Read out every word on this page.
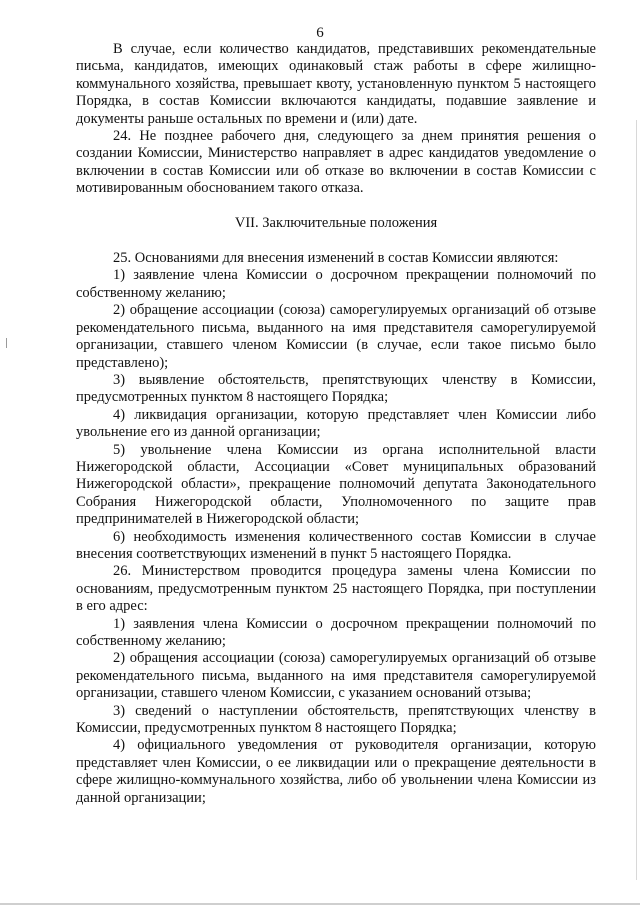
6

В случае, если количество кандидатов, представивших рекомендательные письма, кандидатов, имеющих одинаковый стаж работы в сфере жилищно-коммунального хозяйства, превышает квоту, установленную пунктом 5 настоящего Порядка, в состав Комиссии включаются кандидаты, подавшие заявление и документы раньше остальных по времени и (или) дате.

24. Не позднее рабочего дня, следующего за днем принятия решения о создании Комиссии, Министерство направляет в адрес кандидатов уведомление о включении в состав Комиссии или об отказе во включении в состав Комиссии с мотивированным обоснованием такого отказа.

VII. Заключительные положения

25. Основаниями для внесения изменений в состав Комиссии являются:

1) заявление члена Комиссии о досрочном прекращении полномочий по собственному желанию;

2) обращение ассоциации (союза) саморегулируемых организаций об отзыве рекомендательного письма, выданного на имя представителя саморегулируемой организации, ставшего членом Комиссии (в случае, если такое письмо было представлено);

3) выявление обстоятельств, препятствующих членству в Комиссии, предусмотренных пунктом 8 настоящего Порядка;

4) ликвидация организации, которую представляет член Комиссии либо увольнение его из данной организации;

5) увольнение члена Комиссии из органа исполнительной власти Нижегородской области, Ассоциации «Совет муниципальных образований Нижегородской области», прекращение полномочий депутата Законодательного Собрания Нижегородской области, Уполномоченного по защите прав предпринимателей в Нижегородской области;

6) необходимость изменения количественного состав Комиссии в случае внесения соответствующих изменений в пункт 5 настоящего Порядка.

26. Министерством проводится процедура замены члена Комиссии по основаниям, предусмотренным пунктом 25 настоящего Порядка, при поступлении в его адрес:

1) заявления члена Комиссии о досрочном прекращении полномочий по собственному желанию;

2) обращения ассоциации (союза) саморегулируемых организаций об отзыве рекомендательного письма, выданного на имя представителя саморегулируемой организации, ставшего членом Комиссии, с указанием оснований отзыва;

3) сведений о наступлении обстоятельств, препятствующих членству в Комиссии, предусмотренных пунктом 8 настоящего Порядка;

4) официального уведомления от руководителя организации, которую представляет член Комиссии, о ее ликвидации или о прекращение деятельности в сфере жилищно-коммунального хозяйства, либо об увольнении члена Комиссии из данной организации;
